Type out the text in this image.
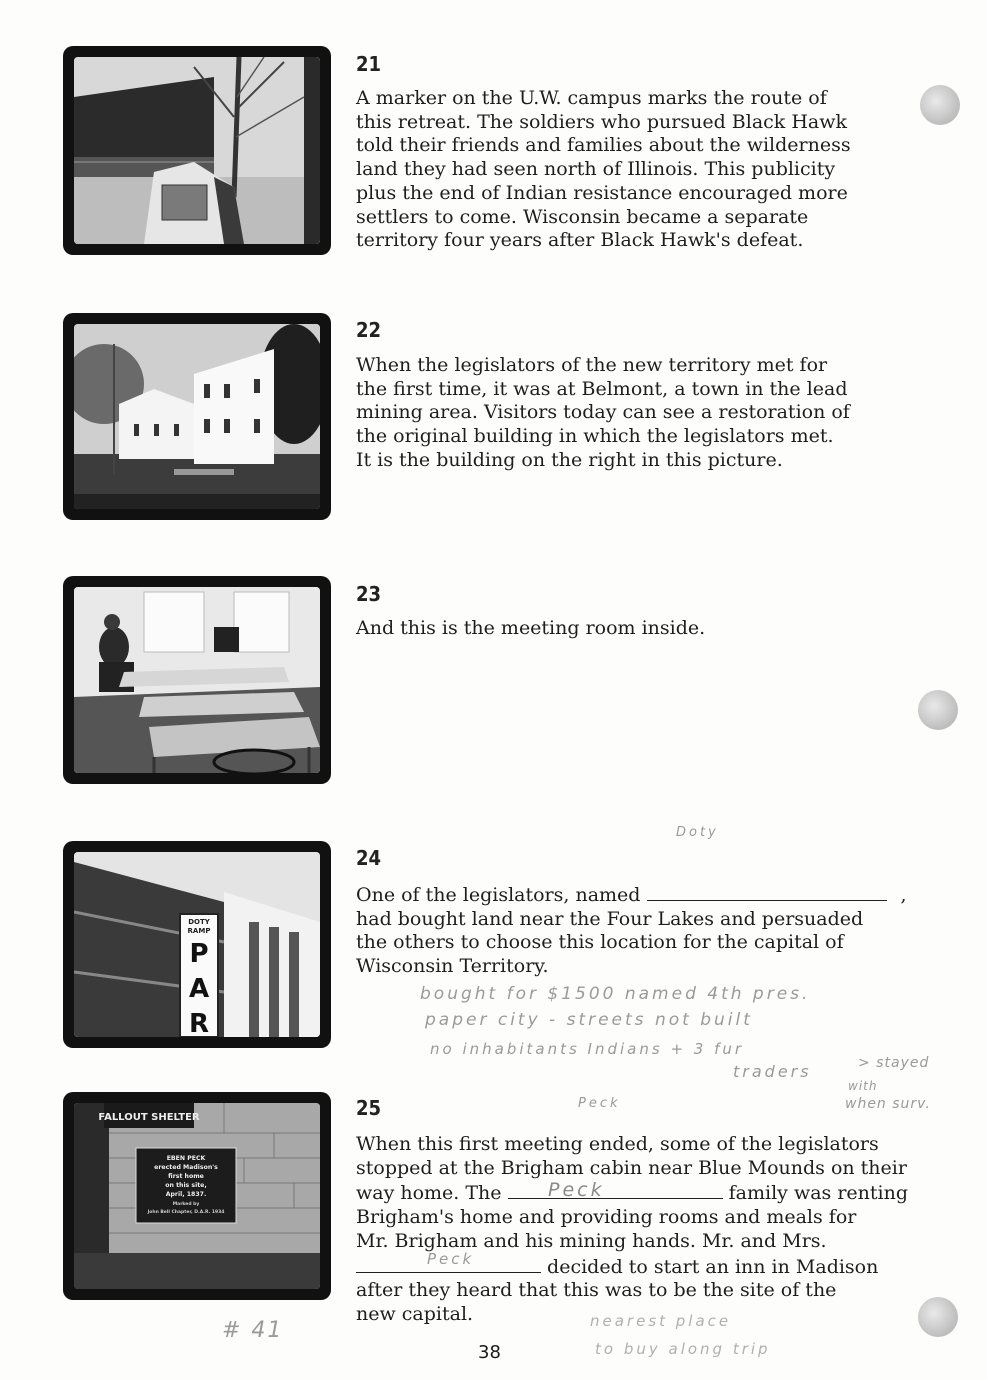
DOTY
RAMP
P
A
R
FALLOUT SHELTER
EBEN PECK
erected Madison's
first home
on this site,
April, 1837.
Marked by
John Bell Chapter, D.A.R. 1934
21
A marker on the U.W. campus marks the route of
this retreat. The soldiers who pursued Black Hawk
told their friends and families about the wilderness
land they had seen north of Illinois. This publicity
plus the end of Indian resistance encouraged more
settlers to come. Wisconsin became a separate
territory four years after Black Hawk's defeat.
22
When the legislators of the new territory met for
the first time, it was at Belmont, a town in the lead
mining area. Visitors today can see a restoration of
the original building in which the legislators met.
It is the building on the right in this picture.
23
And this is the meeting room inside.
24
One of the legislators, named	,
had bought land near the Four Lakes and persuaded
the others to choose this location for the capital of
Wisconsin Territory.
25
When this first meeting ended, some of the legislators
stopped at the Brigham cabin near Blue Mounds on their
way home. The	family was renting
Brigham's home and providing rooms and meals for
Mr. Brigham and his mining hands. Mr. and Mrs.
decided to start an inn in Madison
after they heard that this was to be the site of the
new capital.
Doty
bought for $1500 named 4th pres.
paper city - streets not built
no inhabitants Indians + 3 fur
traders	> stayed
with
when surv.
Peck
Peck
Peck
nearest place
to buy along trip
# 41
38
